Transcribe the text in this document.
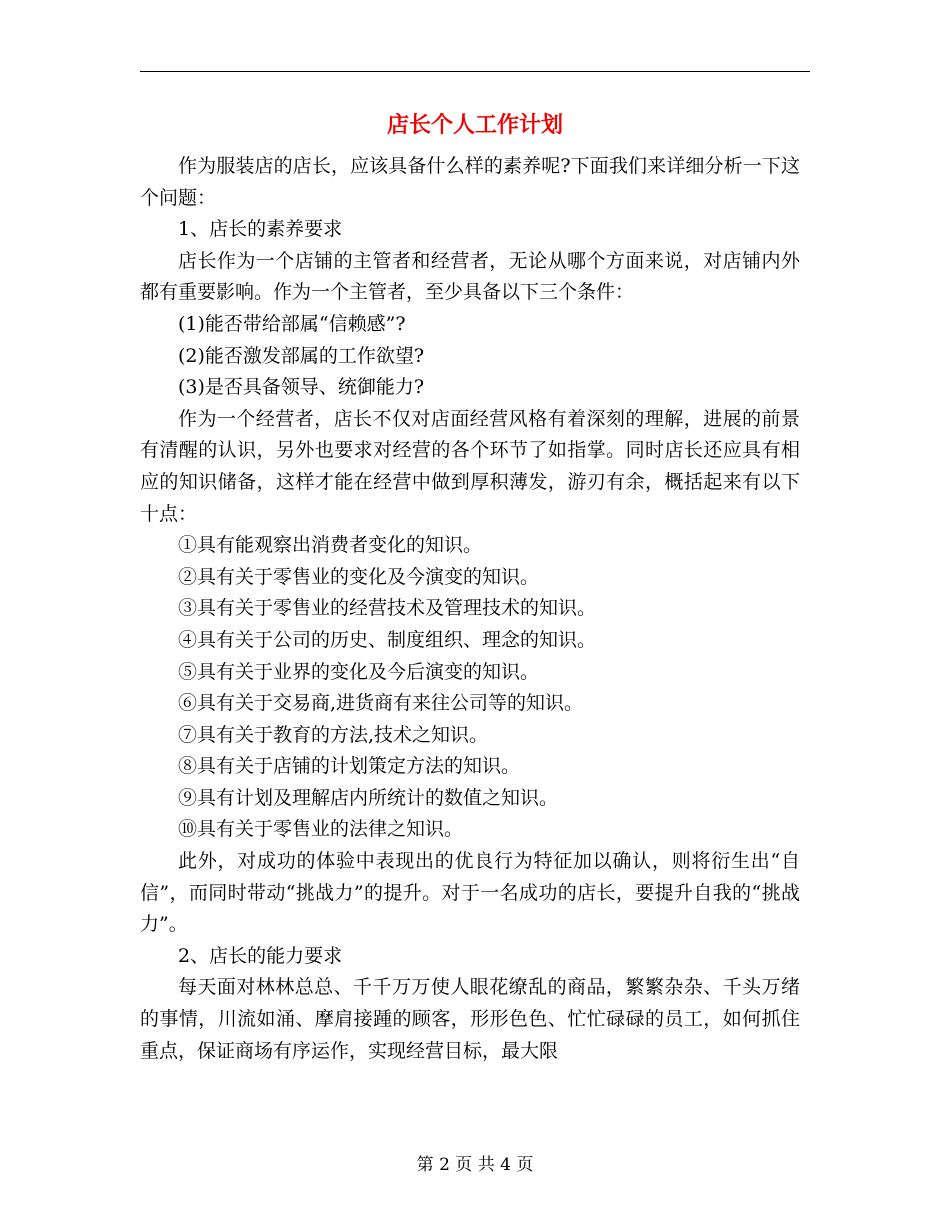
店长个人工作计划

作为服装店的店长，应该具备什么样的素养呢?下面我们来详细分析一下这个问题：

1、店长的素养要求

店长作为一个店铺的主管者和经营者，无论从哪个方面来说，对店铺内外都有重要影响。作为一个主管者，至少具备以下三个条件：

(1)能否带给部属“信赖感”?

(2)能否激发部属的工作欲望?

(3)是否具备领导、统御能力?

作为一个经营者，店长不仅对店面经营风格有着深刻的理解，进展的前景有清醒的认识，另外也要求对经营的各个环节了如指掌。同时店长还应具有相应的知识储备，这样才能在经营中做到厚积薄发，游刃有余，概括起来有以下十点：

①具有能观察出消费者变化的知识。

②具有关于零售业的变化及今演变的知识。

③具有关于零售业的经营技术及管理技术的知识。

④具有关于公司的历史、制度组织、理念的知识。

⑤具有关于业界的变化及今后演变的知识。

⑥具有关于交易商,进货商有来往公司等的知识。

⑦具有关于教育的方法,技术之知识。

⑧具有关于店铺的计划策定方法的知识。

⑨具有计划及理解店内所统计的数值之知识。

⑩具有关于零售业的法律之知识。

此外，对成功的体验中表现出的优良行为特征加以确认，则将衍生出“自信”，而同时带动“挑战力”的提升。对于一名成功的店长，要提升自我的“挑战力”。

2、店长的能力要求

每天面对林林总总、千千万万使人眼花缭乱的商品，繁繁杂杂、千头万绪的事情，川流如涌、摩肩接踵的顾客，形形色色、忙忙碌碌的员工，如何抓住重点，保证商场有序运作，实现经营目标，最大限

第 2 页 共 4 页
